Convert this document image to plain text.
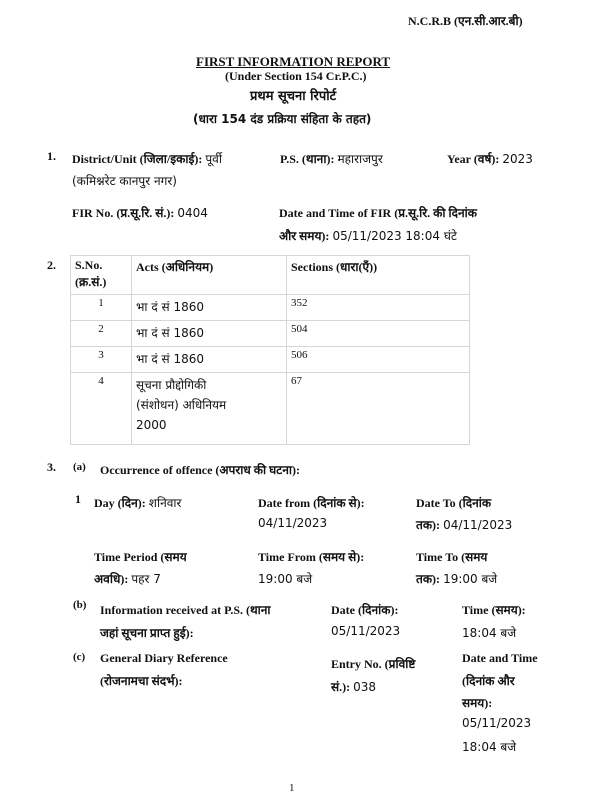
N.C.R.B (एन.सी.आर.बी)
FIRST INFORMATION REPORT
(Under Section 154 Cr.P.C.)
प्रथम सूचना रिपोर्ट
(धारा 154 दंड प्रक्रिया संहिता के तहत)
1. District/Unit (जिला/इकाई): पूर्वी
(कमिश्नरेट कानपुर नगर)
P.S. (थाना): महाराजपुर	Year (वर्ष): 2023
FIR No. (प्र.सू.रि. सं.): 0404	Date and Time of FIR (प्र.सू.रि. की दिनांक
और समय): 05/11/2023 18:04 घंटे
2. S.No.
(क्र.सं.)	Acts (अधिनियम)	Sections (धारा(एँ))
1	भा दं सं 1860	352
2	भा दं सं 1860	504
3	भा दं सं 1860	506
4	सूचना प्रौद्दोगिकी
(संशोधन) अधिनियम
2000	67
3. (a) Occurrence of offence (अपराध की घटना):
1 Day (दिन): शनिवार	Date from (दिनांक से):
04/11/2023
Date To (दिनांक
तक): 04/11/2023
Time Period (समय
अवधि): पहर 7
Time From (समय से):
19:00 बजे
Time To (समय
तक): 19:00 बजे
(b) Information received at P.S. (थाना
जहां सूचना प्राप्त हुई):
Date (दिनांक):
05/11/2023
Time (समय):
18:04 बजे
(c) General Diary Reference
(रोजनामचा संदर्भ):
Entry No. (प्रविष्टि
सं.): 038
Date and Time
(दिनांक और
समय):
05/11/2023
18:04 बजे
1
